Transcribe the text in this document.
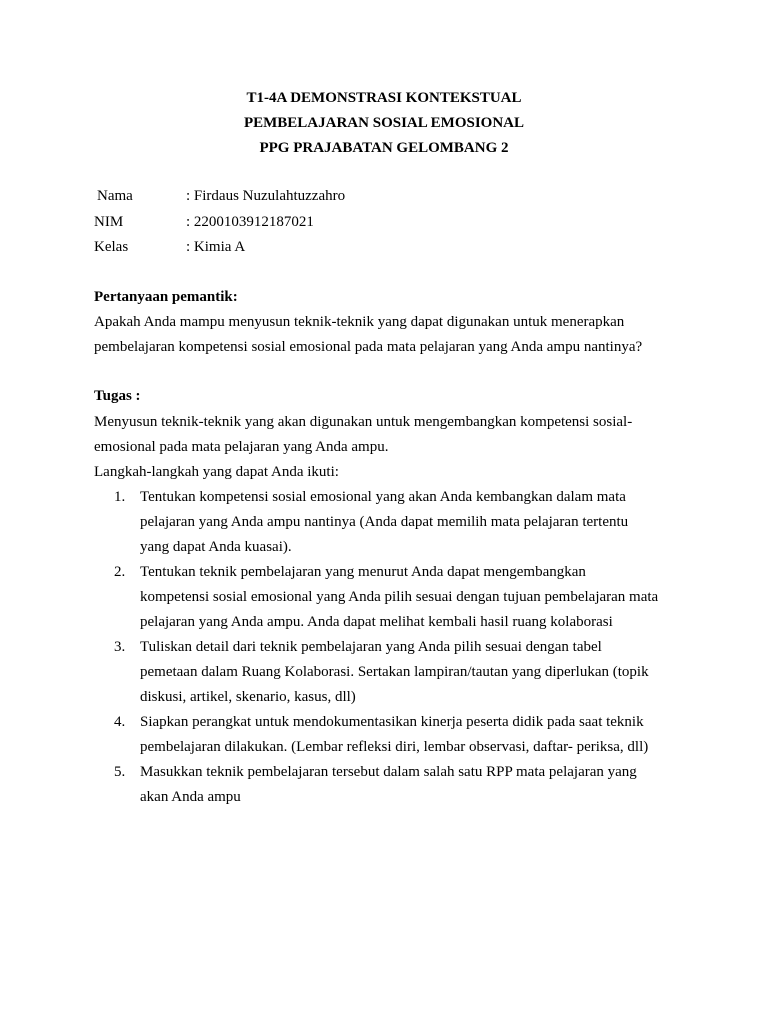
T1-4A DEMONSTRASI KONTEKSTUAL
PEMBELAJARAN SOSIAL EMOSIONAL
PPG PRAJABATAN GELOMBANG 2
Nama	: Firdaus Nuzulahtuzzahro
NIM	: 2200103912187021
Kelas	: Kimia A
Pertanyaan pemantik:
Apakah Anda mampu menyusun teknik-teknik yang dapat digunakan untuk menerapkan
pembelajaran kompetensi sosial emosional pada mata pelajaran yang Anda ampu nantinya?
Tugas :
Menyusun teknik-teknik yang akan digunakan untuk mengembangkan kompetensi sosial-
emosional pada mata pelajaran yang Anda ampu.
Langkah-langkah yang dapat Anda ikuti:
1. Tentukan kompetensi sosial emosional yang akan Anda kembangkan dalam mata
pelajaran yang Anda ampu nantinya (Anda dapat memilih mata pelajaran tertentu
yang dapat Anda kuasai).
2. Tentukan teknik pembelajaran yang menurut Anda dapat mengembangkan
kompetensi sosial emosional yang Anda pilih sesuai dengan tujuan pembelajaran mata
pelajaran yang Anda ampu. Anda dapat melihat kembali hasil ruang kolaborasi
3. Tuliskan detail dari teknik pembelajaran yang Anda pilih sesuai dengan tabel
pemetaan dalam Ruang Kolaborasi. Sertakan lampiran/tautan yang diperlukan (topik
diskusi, artikel, skenario, kasus, dll)
4. Siapkan perangkat untuk mendokumentasikan kinerja peserta didik pada saat teknik
pembelajaran dilakukan. (Lembar refleksi diri, lembar observasi, daftar- periksa, dll)
5. Masukkan teknik pembelajaran tersebut dalam salah satu RPP mata pelajaran yang
akan Anda ampu
